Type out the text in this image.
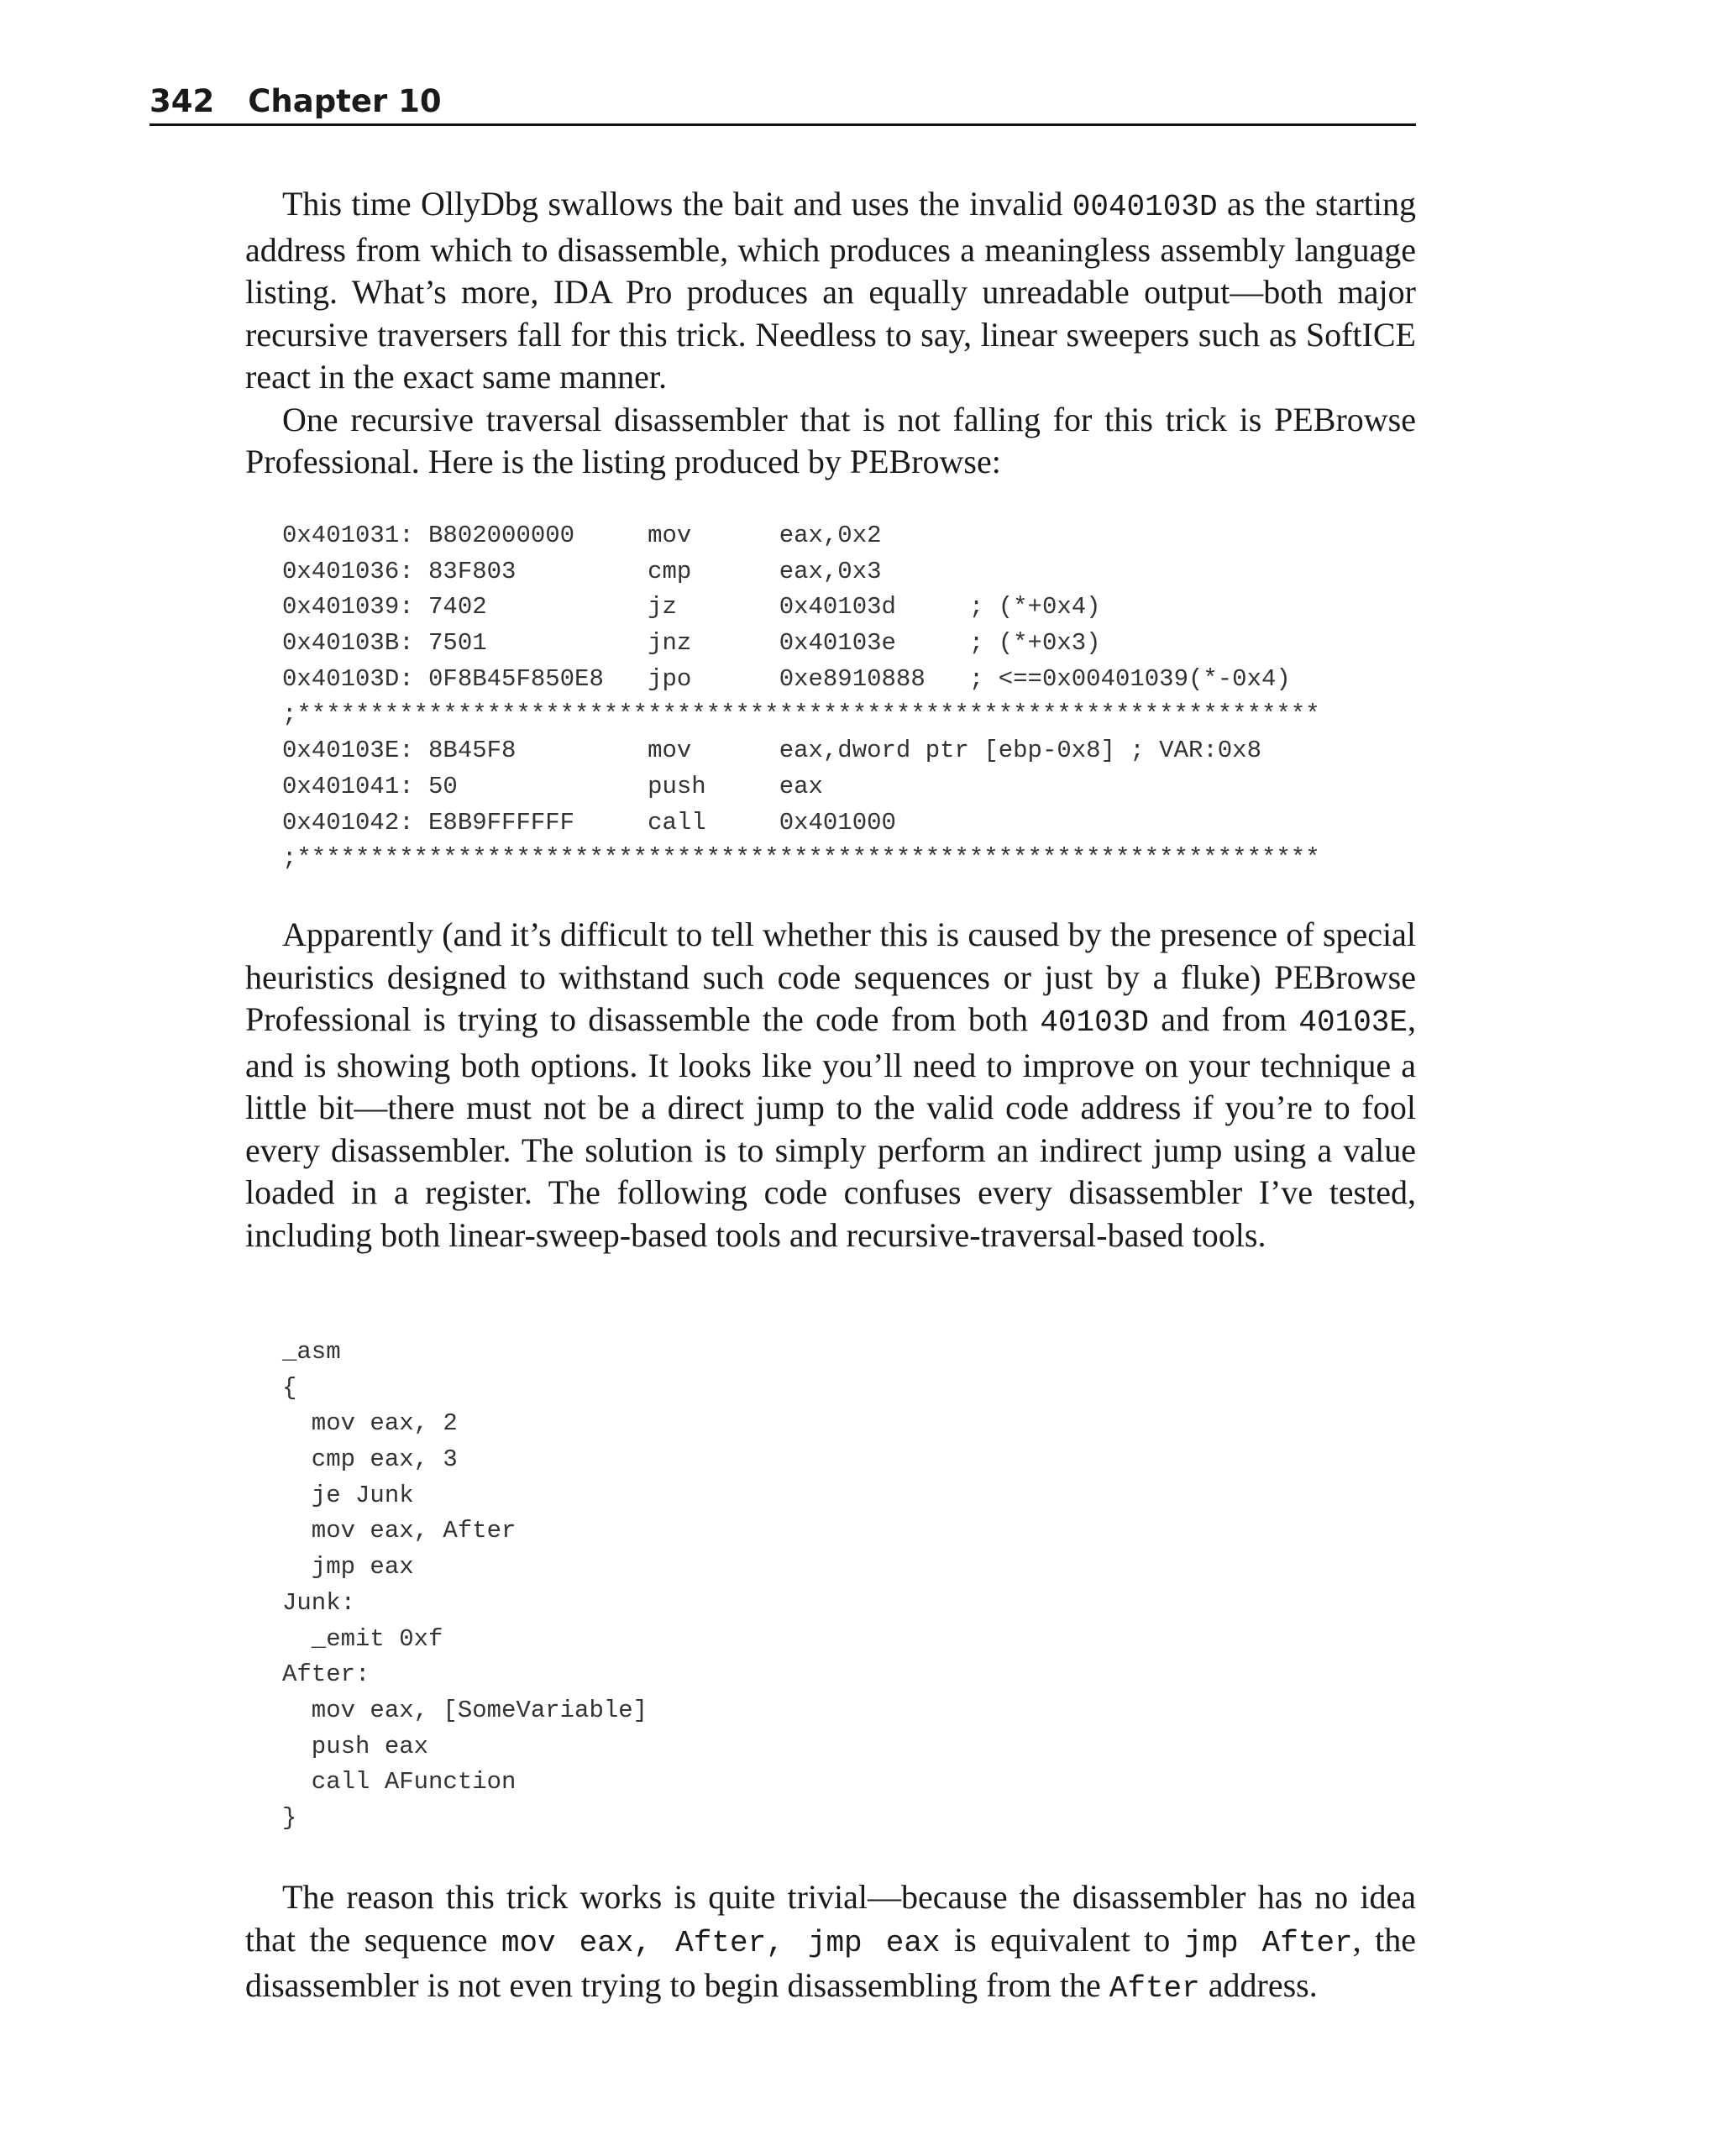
342 Chapter 10

This time OllyDbg swallows the bait and uses the invalid 0040103D as the starting address from which to disassemble, which produces a meaningless assembly language listing. What’s more, IDA Pro produces an equally unreadable output—both major recursive traversers fall for this trick. Needless to say, linear sweepers such as SoftICE react in the exact same manner.

One recursive traversal disassembler that is not falling for this trick is PEBrowse Professional. Here is the listing produced by PEBrowse:

0x401031: B802000000     mov      eax,0x2
0x401036: 83F803         cmp      eax,0x3
0x401039: 7402           jz       0x40103d     ; (*+0x4)
0x40103B: 7501           jnz      0x40103e     ; (*+0x3)
0x40103D: 0F8B45F850E8   jpo      0xe8910888   ; <==0x00401039(*-0x4)
;**********************************************************************
0x40103E: 8B45F8         mov      eax,dword ptr [ebp-0x8] ; VAR:0x8
0x401041: 50             push     eax
0x401042: E8B9FFFFFF     call     0x401000
;**********************************************************************

Apparently (and it’s difficult to tell whether this is caused by the presence of special heuristics designed to withstand such code sequences or just by a fluke) PEBrowse Professional is trying to disassemble the code from both 40103D and from 40103E, and is showing both options. It looks like you’ll need to improve on your technique a little bit—there must not be a direct jump to the valid code address if you’re to fool every disassembler. The solution is to simply perform an indirect jump using a value loaded in a register. The following code confuses every disassembler I’ve tested, including both linear-sweep-based tools and recursive-traversal-based tools.

_asm
{
mov eax, 2
cmp eax, 3
je Junk
mov eax, After
jmp eax
Junk:
_emit 0xf
After:
mov eax, [SomeVariable]
push eax
call AFunction
}

The reason this trick works is quite trivial—because the disassembler has no idea that the sequence mov eax, After, jmp eax is equivalent to jmp After, the disassembler is not even trying to begin disassembling from the After address.
